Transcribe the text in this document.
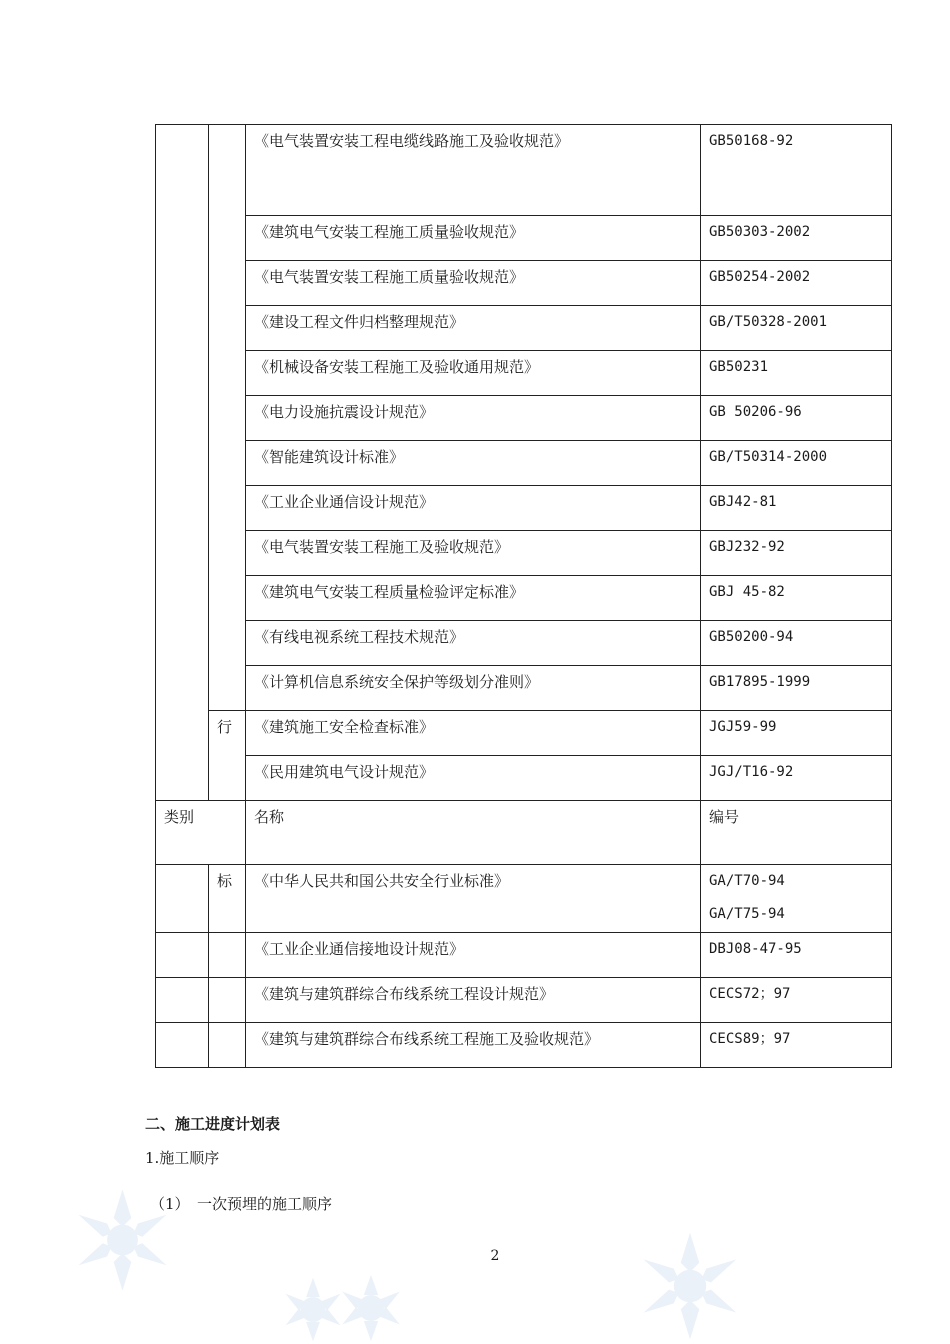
		《电气装置安装工程电缆线路施工及验收规范》	GB50168-92

		《建筑电气安装工程施工质量验收规范》	GB50303-2002

		《电气装置安装工程施工质量验收规范》	GB50254-2002

		《建设工程文件归档整理规范》	GB/T50328-2001

		《机械设备安装工程施工及验收通用规范》	GB50231

		《电力设施抗震设计规范》	GB 50206-96

		《智能建筑设计标准》	GB/T50314-2000

		《工业企业通信设计规范》	GBJ42-81

		《电气装置安装工程施工及验收规范》	GBJ232-92

		《建筑电气安装工程质量检验评定标准》	GBJ 45-82

		《有线电视系统工程技术规范》	GB50200-94

		《计算机信息系统安全保护等级划分准则》	GB17895-1999

	行	《建筑施工安全检查标准》	JGJ59-99

		《民用建筑电气设计规范》	JGJ/T16-92

类别		名称	编号
	标	《中华人民共和国公共安全行业标准》	GA/T70-94
GA/T75-94

		《工业企业通信接地设计规范》	DBJ08-47-95

		《建筑与建筑群综合布线系统工程设计规范》	CECS72；97

		《建筑与建筑群综合布线系统工程施工及验收规范》	CECS89；97
二、施工进度计划表
1.施工顺序
（1）　一次预埋的施工顺序
2
